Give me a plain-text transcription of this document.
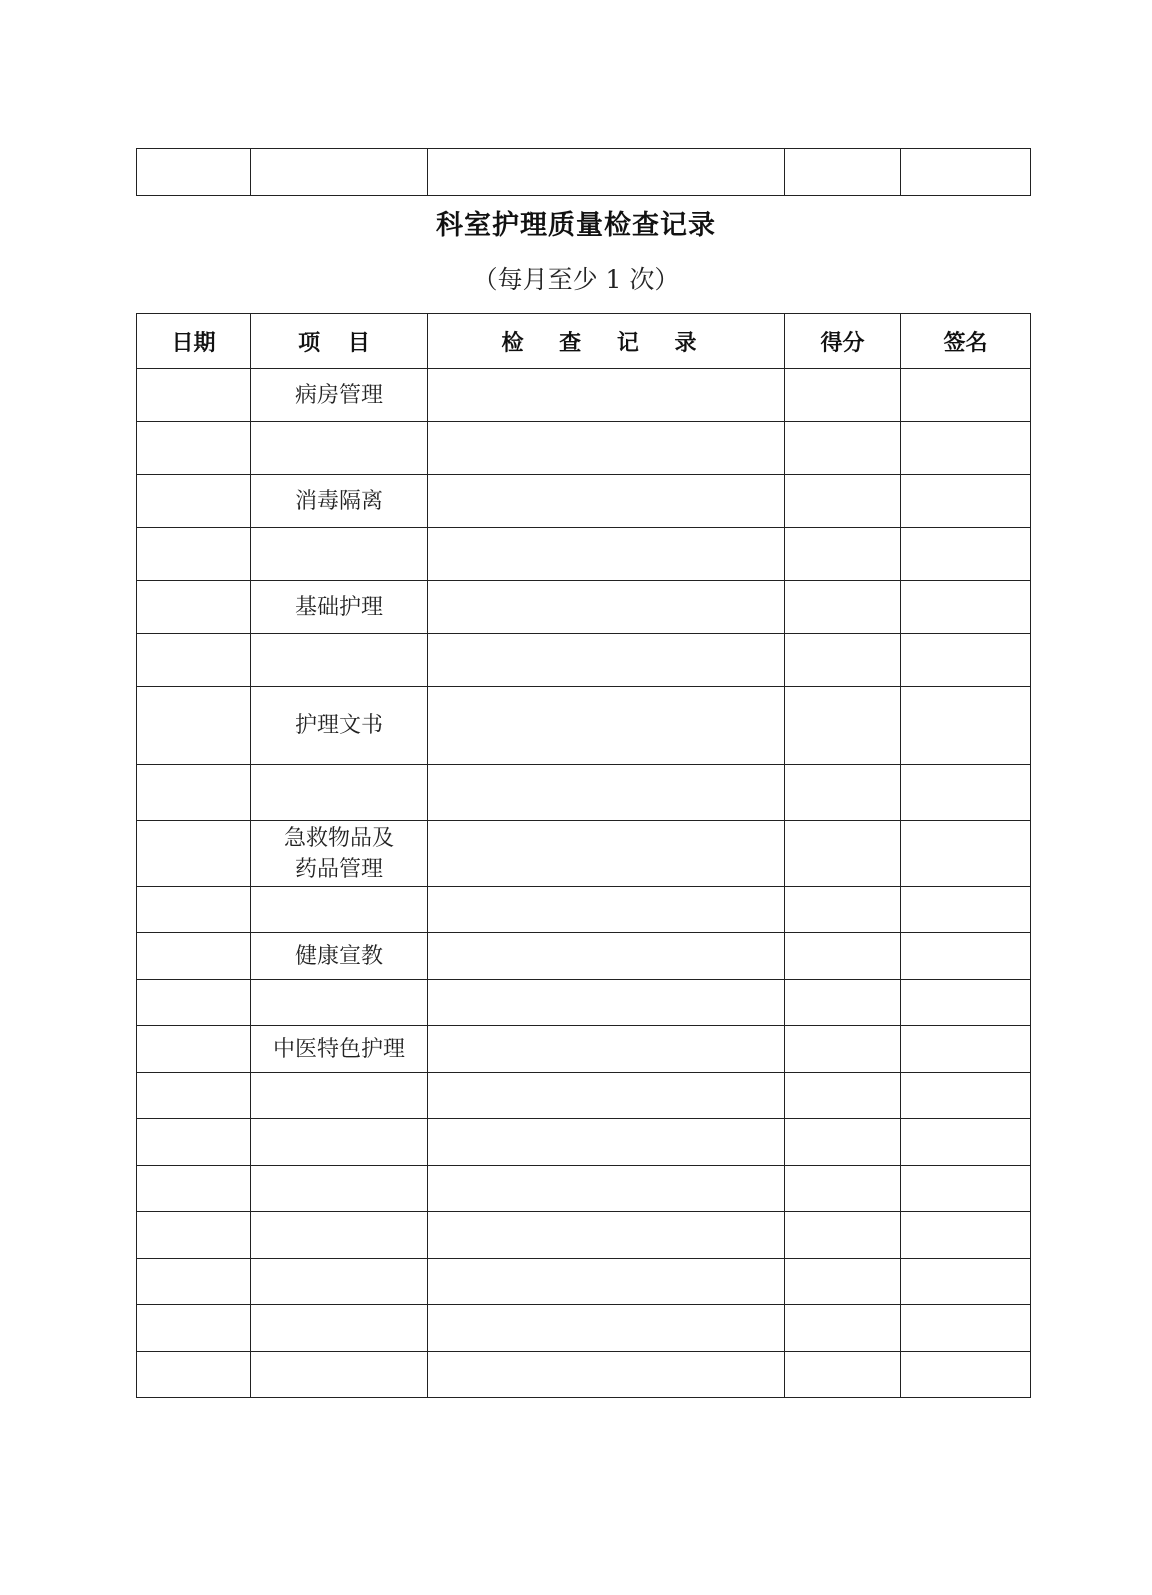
科室护理质量检查记录
（每月至少 1 次）
日期	项 目	检 查 记 录	得分	签名
	病房管理			

	消毒隔离			

	基础护理			

	护理文书			

	急救物品及
药品管理			

	健康宣教			

	中医特色护理			
